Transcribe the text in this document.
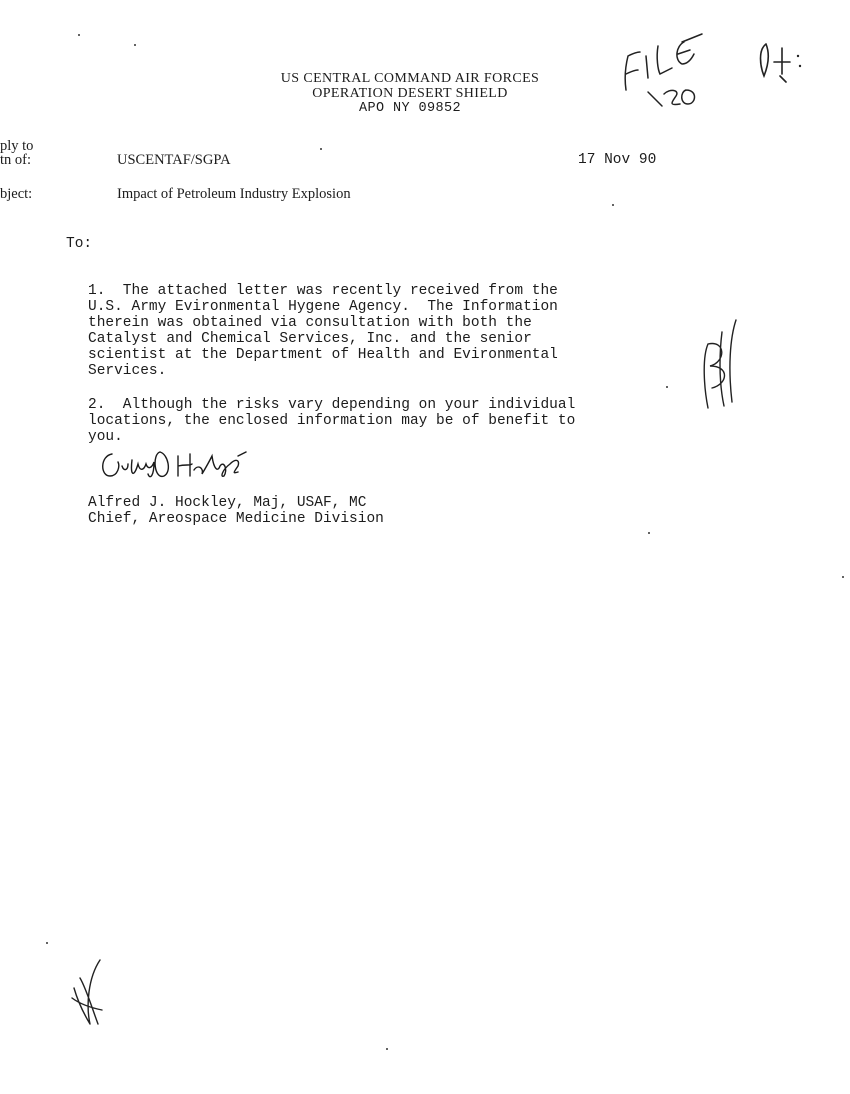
US CENTRAL COMMAND AIR FORCES
OPERATION DESERT SHIELD
APO NY 09852
ply to
tn of:	USCENTAF/SGPA	17 Nov 90
bject:	Impact of Petroleum Industry Explosion
To:
1.  The attached letter was recently received from the
U.S. Army Evironmental Hygene Agency.  The Information
therein was obtained via consultation with both the
Catalyst and Chemical Services, Inc. and the senior
scientist at the Department of Health and Evironmental
Services.
2.  Although the risks vary depending on your individual
locations, the enclosed information may be of benefit to
you.
Alfred J. Hockley, Maj, USAF, MC
Chief, Areospace Medicine Division
